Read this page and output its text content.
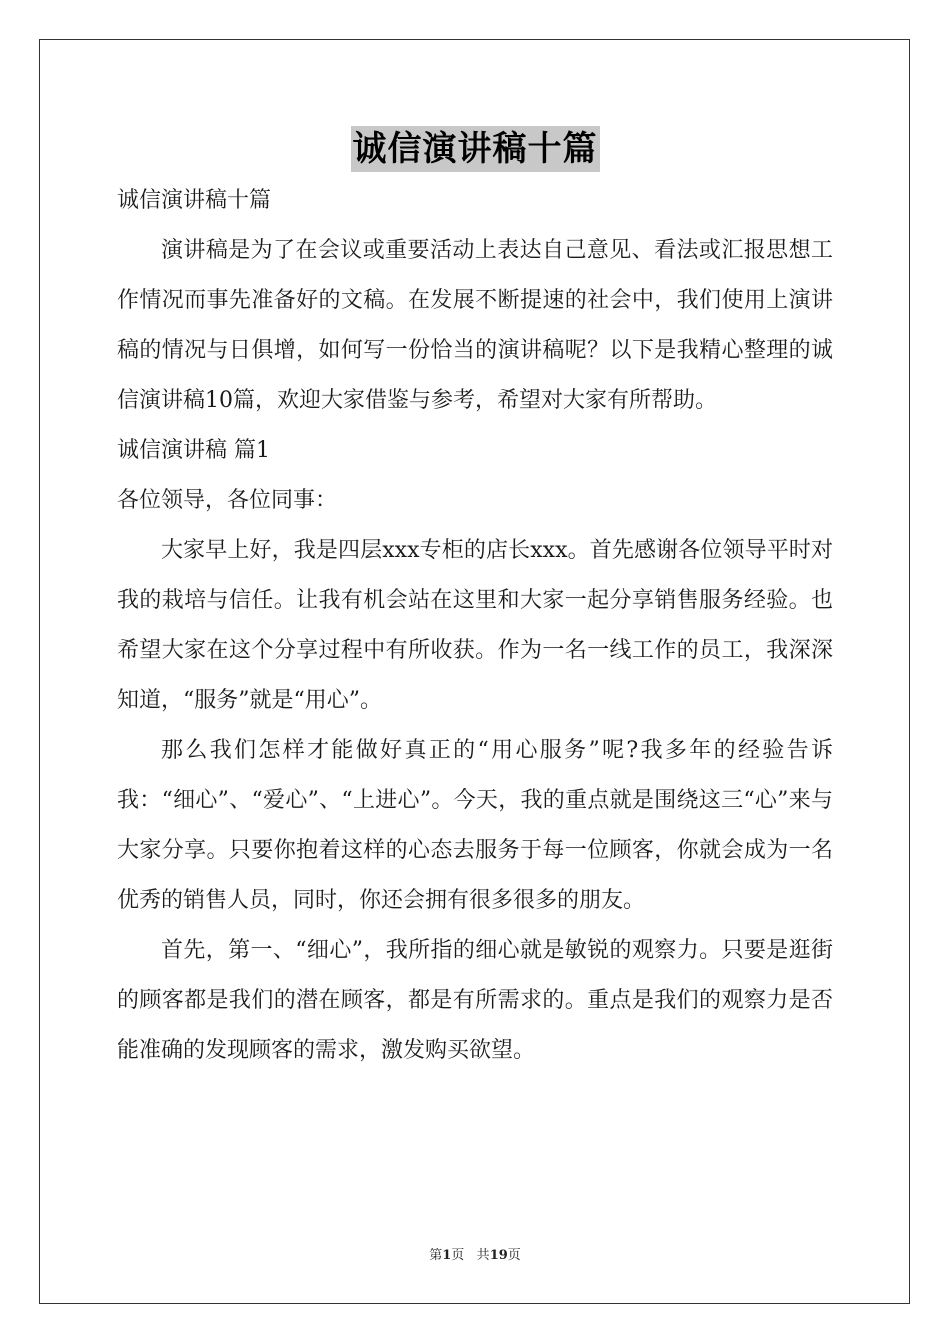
诚信演讲稿十篇

诚信演讲稿十篇

演讲稿是为了在会议或重要活动上表达自己意见、看法或汇报思想工作情况而事先准备好的文稿。在发展不断提速的社会中，我们使用上演讲稿的情况与日俱增，如何写一份恰当的演讲稿呢？以下是我精心整理的诚信演讲稿10篇，欢迎大家借鉴与参考，希望对大家有所帮助。

诚信演讲稿 篇1

各位领导，各位同事：

大家早上好，我是四层xxx专柜的店长xxx。首先感谢各位领导平时对我的栽培与信任。让我有机会站在这里和大家一起分享销售服务经验。也希望大家在这个分享过程中有所收获。作为一名一线工作的员工，我深深知道，“服务”就是“用心”。

那么我们怎样才能做好真正的“用心服务”呢?我多年的经验告诉我：“细心”、“爱心”、“上进心”。今天，我的重点就是围绕这三“心”来与大家分享。只要你抱着这样的心态去服务于每一位顾客，你就会成为一名优秀的销售人员，同时，你还会拥有很多很多的朋友。

首先，第一、“细心”，我所指的细心就是敏锐的观察力。只要是逛街的顾客都是我们的潜在顾客，都是有所需求的。重点是我们的观察力是否能准确的发现顾客的需求，激发购买欲望。

第1页 共19页
